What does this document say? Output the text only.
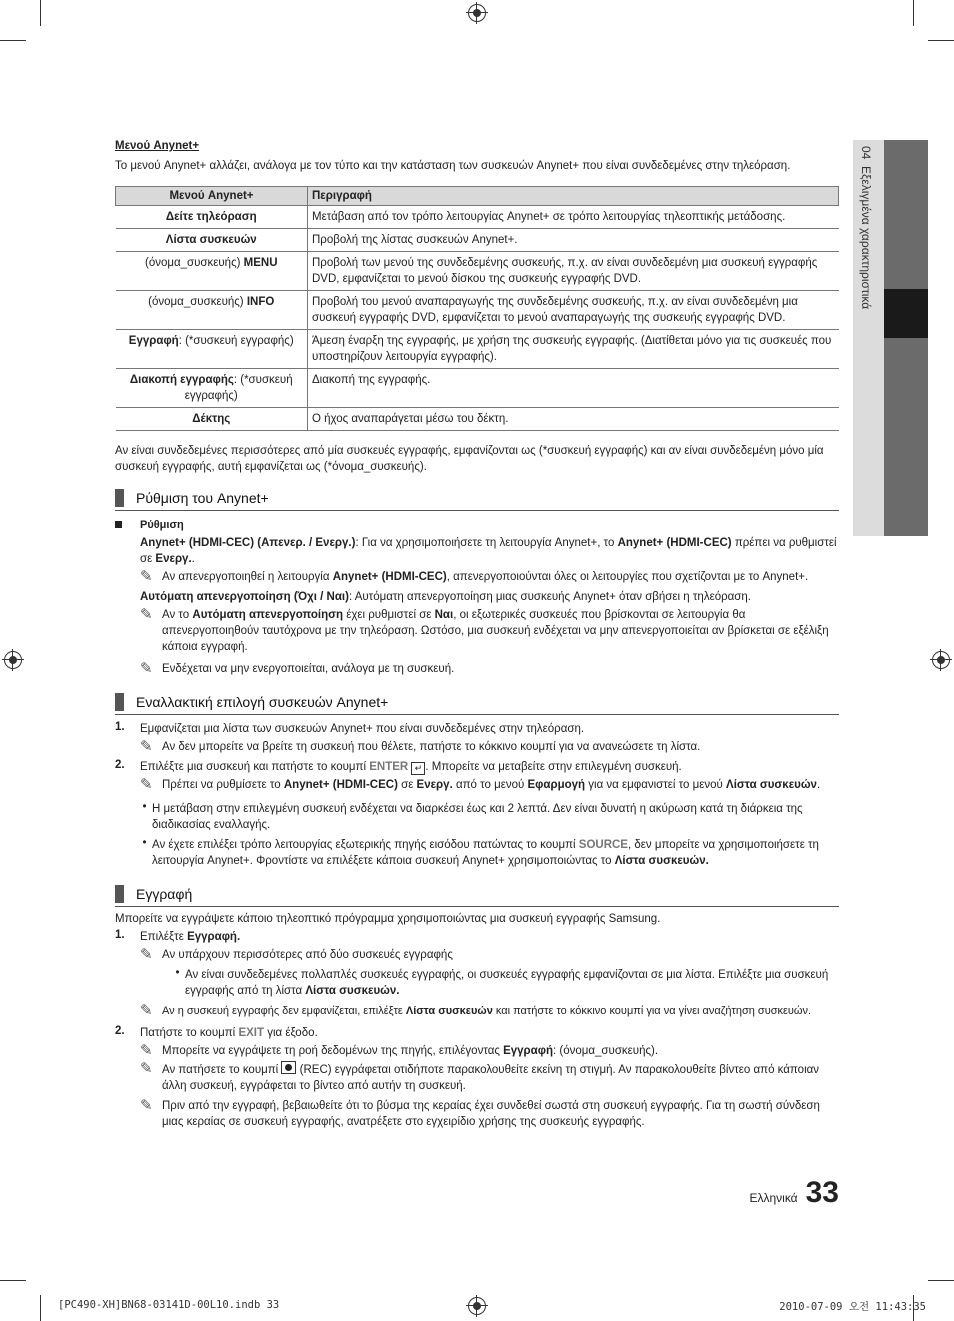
04  Εξελιγμένα χαρακτηριστικά
Μενού Anynet+
Το μενού Anynet+ αλλάζει, ανάλογα με τον τύπο και την κατάσταση των συσκευών Anynet+ που είναι συνδεδεμένες στην τηλεόραση.
Μενού Anynet+	Περιγραφή
Δείτε τηλεόραση	Μετάβαση από τον τρόπο λειτουργίας Anynet+ σε τρόπο λειτουργίας τηλεοπτικής μετάδοσης.
Λίστα συσκευών	Προβολή της λίστας συσκευών Anynet+.
(όνομα_συσκευής) MENU	Προβολή των μενού της συνδεδεμένης συσκευής, π.χ. αν είναι συνδεδεμένη μια συσκευή εγγραφής DVD, εμφανίζεται το μενού δίσκου της συσκευής εγγραφής DVD.
(όνομα_συσκευής) INFO	Προβολή του μενού αναπαραγωγής της συνδεδεμένης συσκευής, π.χ. αν είναι συνδεδεμένη μια συσκευή εγγραφής DVD, εμφανίζεται το μενού αναπαραγωγής της συσκευής εγγραφής DVD.
Εγγραφή: (*συσκευή εγγραφής)	Άμεση έναρξη της εγγραφής, με χρήση της συσκευής εγγραφής. (Διατίθεται μόνο για τις συσκευές που υποστηρίζουν λειτουργία εγγραφής).
Διακοπή εγγραφής: (*συσκευή εγγραφής)	Διακοπή της εγγραφής.
Δέκτης	Ο ήχος αναπαράγεται μέσω του δέκτη.
Αν είναι συνδεδεμένες περισσότερες από μία συσκευές εγγραφής, εμφανίζονται ως (*συσκευή εγγραφής) και αν είναι συνδεδεμένη μόνο μία συσκευή εγγραφής, αυτή εμφανίζεται ως (*όνομα_συσκευής).
Ρύθμιση του Anynet+
Ρύθμιση
Anynet+ (HDMI-CEC) (Απενερ. / Ενεργ.): Για να χρησιμοποιήσετε τη λειτουργία Anynet+, το Anynet+ (HDMI-CEC) πρέπει να ρυθμιστεί σε Ενεργ..
✎ Αν απενεργοποιηθεί η λειτουργία Anynet+ (HDMI-CEC), απενεργοποιούνται όλες οι λειτουργίες που σχετίζονται με το Anynet+.
Αυτόματη απενεργοποίηση (Όχι / Ναι): Αυτόματη απενεργοποίηση μιας συσκευής Anynet+ όταν σβήσει η τηλεόραση.
✎ Αν το Αυτόματη απενεργοποίηση έχει ρυθμιστεί σε Ναι, οι εξωτερικές συσκευές που βρίσκονται σε λειτουργία θα απενεργοποιηθούν ταυτόχρονα με την τηλεόραση. Ωστόσο, μια συσκευή ενδέχεται να μην απενεργοποιείται αν βρίσκεται σε εξέλιξη κάποια εγγραφή.
✎ Ενδέχεται να μην ενεργοποιείται, ανάλογα με τη συσκευή.
Εναλλακτική επιλογή συσκευών Anynet+
1.	Εμφανίζεται μια λίστα των συσκευών Anynet+ που είναι συνδεδεμένες στην τηλεόραση.
✎ Αν δεν μπορείτε να βρείτε τη συσκευή που θέλετε, πατήστε το κόκκινο κουμπί για να ανανεώσετε τη λίστα.
2.	Επιλέξτε μια συσκευή και πατήστε το κουμπί ENTER ↵ . Μπορείτε να μεταβείτε στην επιλεγμένη συσκευή.
✎ Πρέπει να ρυθμίσετε το Anynet+ (HDMI-CEC) σε Ενεργ. από το μενού Εφαρμογή για να εμφανιστεί το μενού Λίστα συσκευών.
• Η μετάβαση στην επιλεγμένη συσκευή ενδέχεται να διαρκέσει έως και 2 λεπτά. Δεν είναι δυνατή η ακύρωση κατά τη διάρκεια της διαδικασίας εναλλαγής.
• Αν έχετε επιλέξει τρόπο λειτουργίας εξωτερικής πηγής εισόδου πατώντας το κουμπί SOURCE, δεν μπορείτε να χρησιμοποιήσετε τη λειτουργία Anynet+. Φροντίστε να επιλέξετε κάποια συσκευή Anynet+ χρησιμοποιώντας το Λίστα συσκευών.
Εγγραφή
Μπορείτε να εγγράψετε κάποιο τηλεοπτικό πρόγραμμα χρησιμοποιώντας μια συσκευή εγγραφής Samsung.
1.	Επιλέξτε Εγγραφή.
✎ Αν υπάρχουν περισσότερες από δύο συσκευές εγγραφής
• Αν είναι συνδεδεμένες πολλαπλές συσκευές εγγραφής, οι συσκευές εγγραφής εμφανίζονται σε μια λίστα. Επιλέξτε μια συσκευή εγγραφής από τη λίστα Λίστα συσκευών.
✎ Αν η συσκευή εγγραφής δεν εμφανίζεται, επιλέξτε Λίστα συσκευών και πατήστε το κόκκινο κουμπί για να γίνει αναζήτηση συσκευών.
2.	Πατήστε το κουμπί EXIT για έξοδο.
✎ Μπορείτε να εγγράψετε τη ροή δεδομένων της πηγής, επιλέγοντας Εγγραφή: (όνομα_συσκευής).
✎ Αν πατήσετε το κουμπί  (REC) εγγράφεται οτιδήποτε παρακολουθείτε εκείνη τη στιγμή. Αν παρακολουθείτε βίντεο από κάποιαν άλλη συσκευή, εγγράφεται το βίντεο από αυτήν τη συσκευή.
✎ Πριν από την εγγραφή, βεβαιωθείτε ότι το βύσμα της κεραίας έχει συνδεθεί σωστά στη συσκευή εγγραφής. Για τη σωστή σύνδεση μιας κεραίας σε συσκευή εγγραφής, ανατρέξετε στο εγχειρίδιο χρήσης της συσκευής εγγραφής.
Ελληνικά 33
[PC490-XH]BN68-03141D-00L10.indb 33	2010-07-09 오전 11:43:35
